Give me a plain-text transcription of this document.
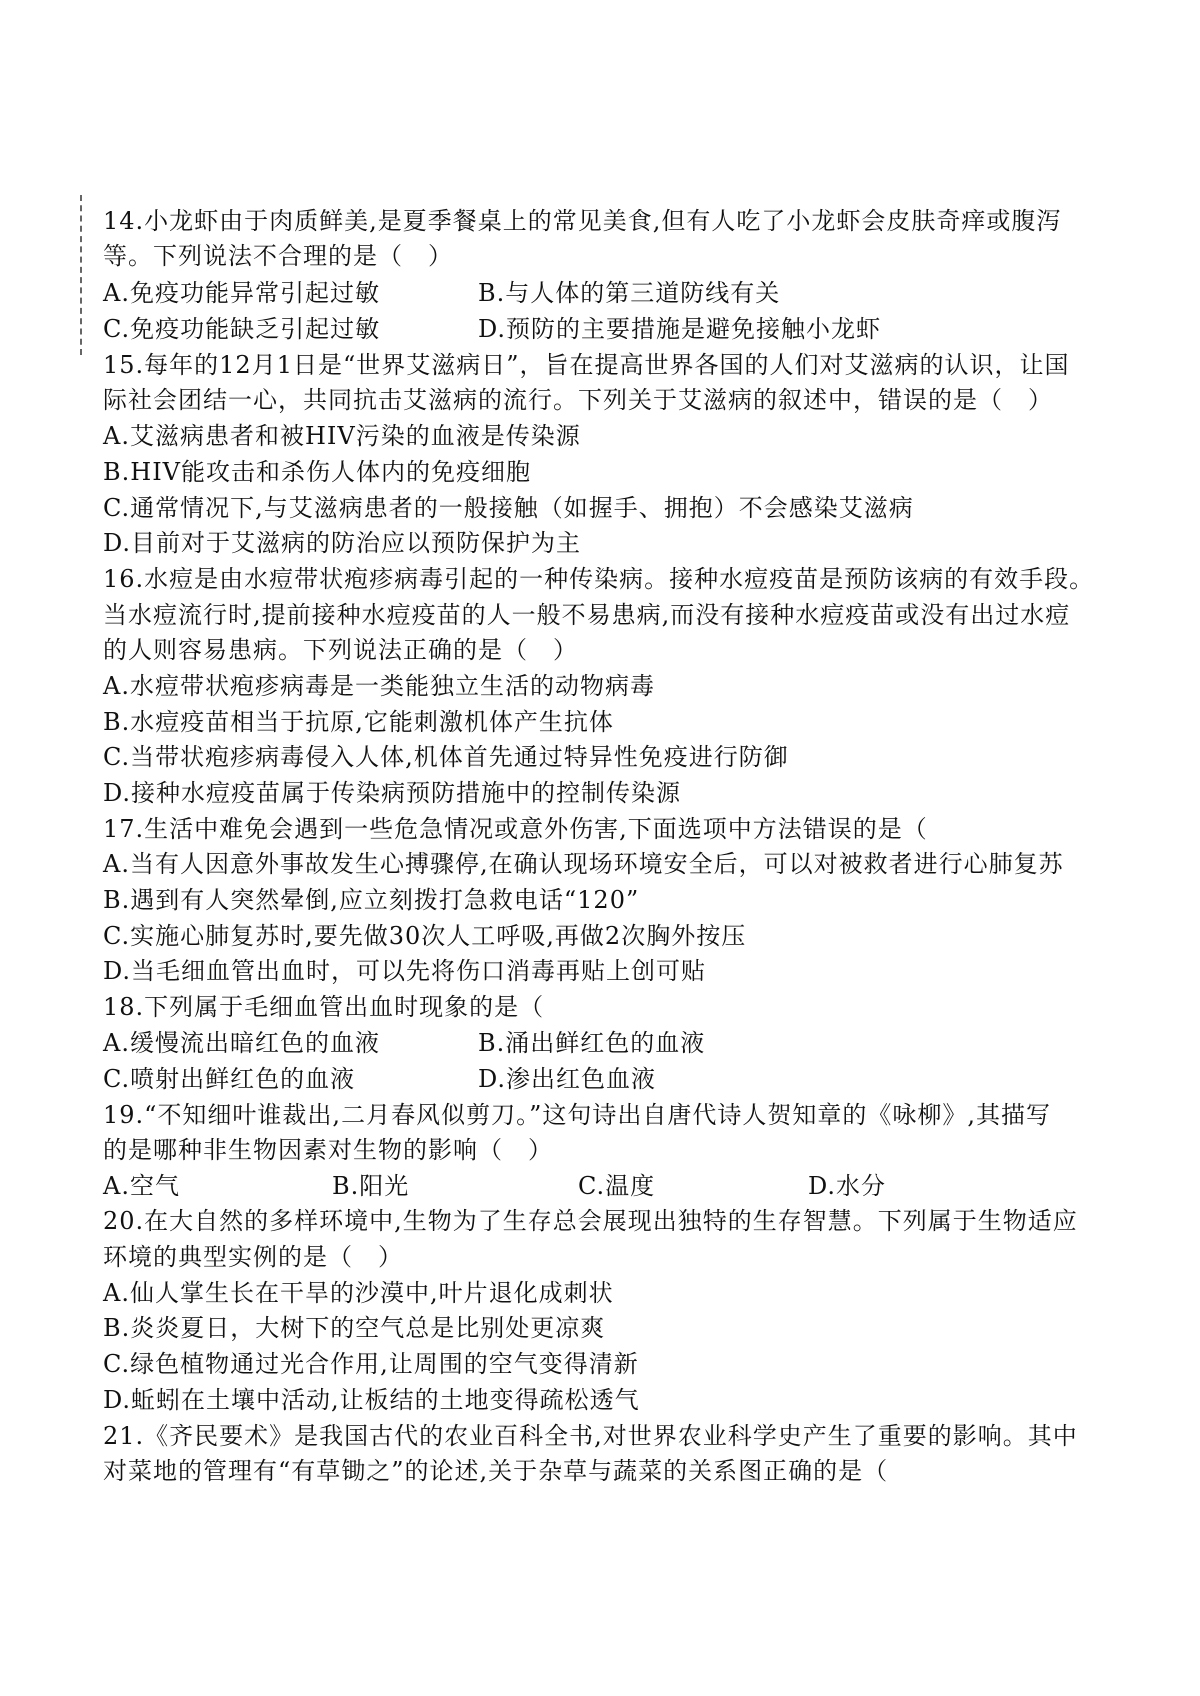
14.小龙虾由于肉质鲜美,是夏季餐桌上的常见美食,但有人吃了小龙虾会皮肤奇痒或腹泻
等。下列说法不合理的是（　）
A.免疫功能异常引起过敏	B.与人体的第三道防线有关
C.免疫功能缺乏引起过敏	D.预防的主要措施是避免接触小龙虾
15.每年的12月1日是“世界艾滋病日”，旨在提高世界各国的人们对艾滋病的认识，让国
际社会团结一心，共同抗击艾滋病的流行。下列关于艾滋病的叙述中，错误的是（　）
A.艾滋病患者和被HIV污染的血液是传染源
B.HIV能攻击和杀伤人体内的免疫细胞
C.通常情况下,与艾滋病患者的一般接触（如握手、拥抱）不会感染艾滋病
D.目前对于艾滋病的防治应以预防保护为主
16.水痘是由水痘带状疱疹病毒引起的一种传染病。接种水痘疫苗是预防该病的有效手段。
当水痘流行时,提前接种水痘疫苗的人一般不易患病,而没有接种水痘疫苗或没有出过水痘
的人则容易患病。下列说法正确的是（　）
A.水痘带状疱疹病毒是一类能独立生活的动物病毒
B.水痘疫苗相当于抗原,它能刺激机体产生抗体
C.当带状疱疹病毒侵入人体,机体首先通过特异性免疫进行防御
D.接种水痘疫苗属于传染病预防措施中的控制传染源
17.生活中难免会遇到一些危急情况或意外伤害,下面选项中方法错误的是（
A.当有人因意外事故发生心搏骤停,在确认现场环境安全后，可以对被救者进行心肺复苏
B.遇到有人突然晕倒,应立刻拨打急救电话“120”
C.实施心肺复苏时,要先做30次人工呼吸,再做2次胸外按压
D.当毛细血管出血时，可以先将伤口消毒再贴上创可贴
18.下列属于毛细血管出血时现象的是（
A.缓慢流出暗红色的血液	B.涌出鲜红色的血液
C.喷射出鲜红色的血液	D.渗出红色血液
19.“不知细叶谁裁出,二月春风似剪刀。”这句诗出自唐代诗人贺知章的《咏柳》,其描写
的是哪种非生物因素对生物的影响（　）
A.空气	B.阳光	C.温度	D.水分
20.在大自然的多样环境中,生物为了生存总会展现出独特的生存智慧。下列属于生物适应
环境的典型实例的是（　）
A.仙人掌生长在干旱的沙漠中,叶片退化成刺状
B.炎炎夏日，大树下的空气总是比别处更凉爽
C.绿色植物通过光合作用,让周围的空气变得清新
D.蚯蚓在土壤中活动,让板结的土地变得疏松透气
21.《齐民要术》是我国古代的农业百科全书,对世界农业科学史产生了重要的影响。其中
对菜地的管理有“有草锄之”的论述,关于杂草与蔬菜的关系图正确的是（
